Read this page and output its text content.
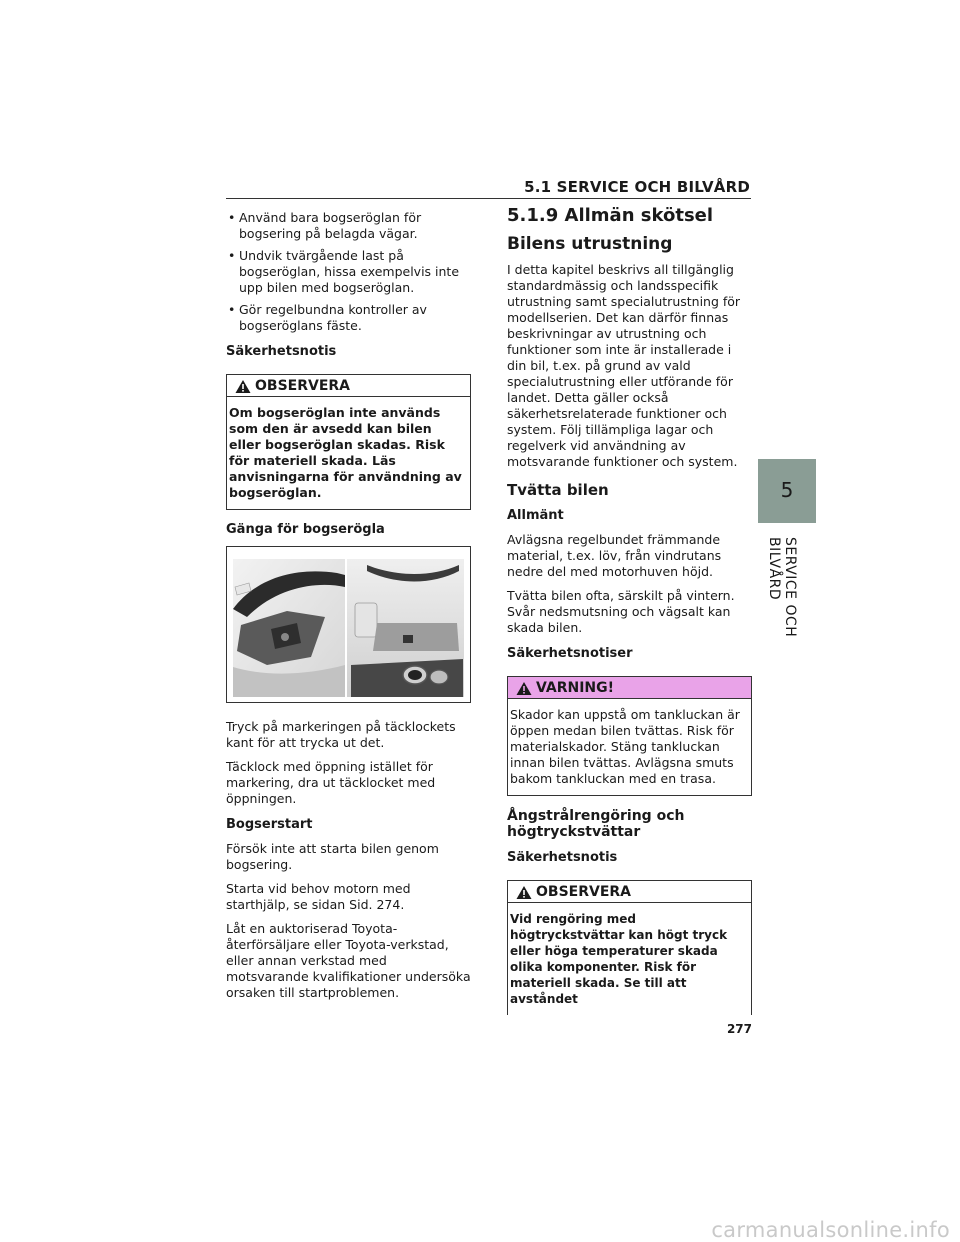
5.1 SERVICE OCH BILVÅRD
5
SERVICE OCH BILVÅRD
• Använd bara bogseröglan för bogsering på belagda vägar.
• Undvik tvärgående last på bogseröglan, hissa exempelvis inte upp bilen med bogseröglan.
• Gör regelbundna kontroller av bogseröglans fäste.
Säkerhetsnotis
OBSERVERA
Om bogseröglan inte används som den är avsedd kan bilen eller bogseröglan skadas. Risk för materiell skada. Läs anvisningarna för användning av bogseröglan.
Gänga för bogserögla

Tryck på markeringen på täcklockets kant för att trycka ut det.

Täcklock med öppning istället för markering, dra ut täcklocket med öppningen.

Bogserstart

Försök inte att starta bilen genom bogsering.

Starta vid behov motorn med starthjälp, se sidan Sid. 274.

Låt en auktoriserad Toyota-återförsäljare eller Toyota-verkstad, eller annan verkstad med motsvarande kvalifikationer undersöka orsaken till startproblemen.

5.1.9 Allmän skötsel
Bilens utrustning

I detta kapitel beskrivs all tillgänglig standardmässig och landsspecifik utrustning samt specialutrustning för modellserien. Det kan därför finnas beskrivningar av utrustning och funktioner som inte är installerade i din bil, t.ex. på grund av vald specialutrustning eller utförande för landet. Detta gäller också säkerhetsrelaterade funktioner och system. Följ tillämpliga lagar och regelverk vid användning av motsvarande funktioner och system.

Tvätta bilen
Allmänt

Avlägsna regelbundet främmande material, t.ex. löv, från vindrutans nedre del med motorhuven höjd.

Tvätta bilen ofta, särskilt på vintern. Svår nedsmutsning och vägsalt kan skada bilen.

Säkerhetsnotiser
VARNING!
Skador kan uppstå om tankluckan är öppen medan bilen tvättas. Risk för materialskador. Stäng tankluckan innan bilen tvättas. Avlägsna smuts bakom tankluckan med en trasa.
Ångstrålrengöring och högtryckstvättar
Säkerhetsnotis
OBSERVERA
Vid rengöring med högtryckstvättar kan högt tryck eller höga temperaturer skada olika komponenter. Risk för materiell skada. Se till att avståndet
277
carmanualsonline.info
